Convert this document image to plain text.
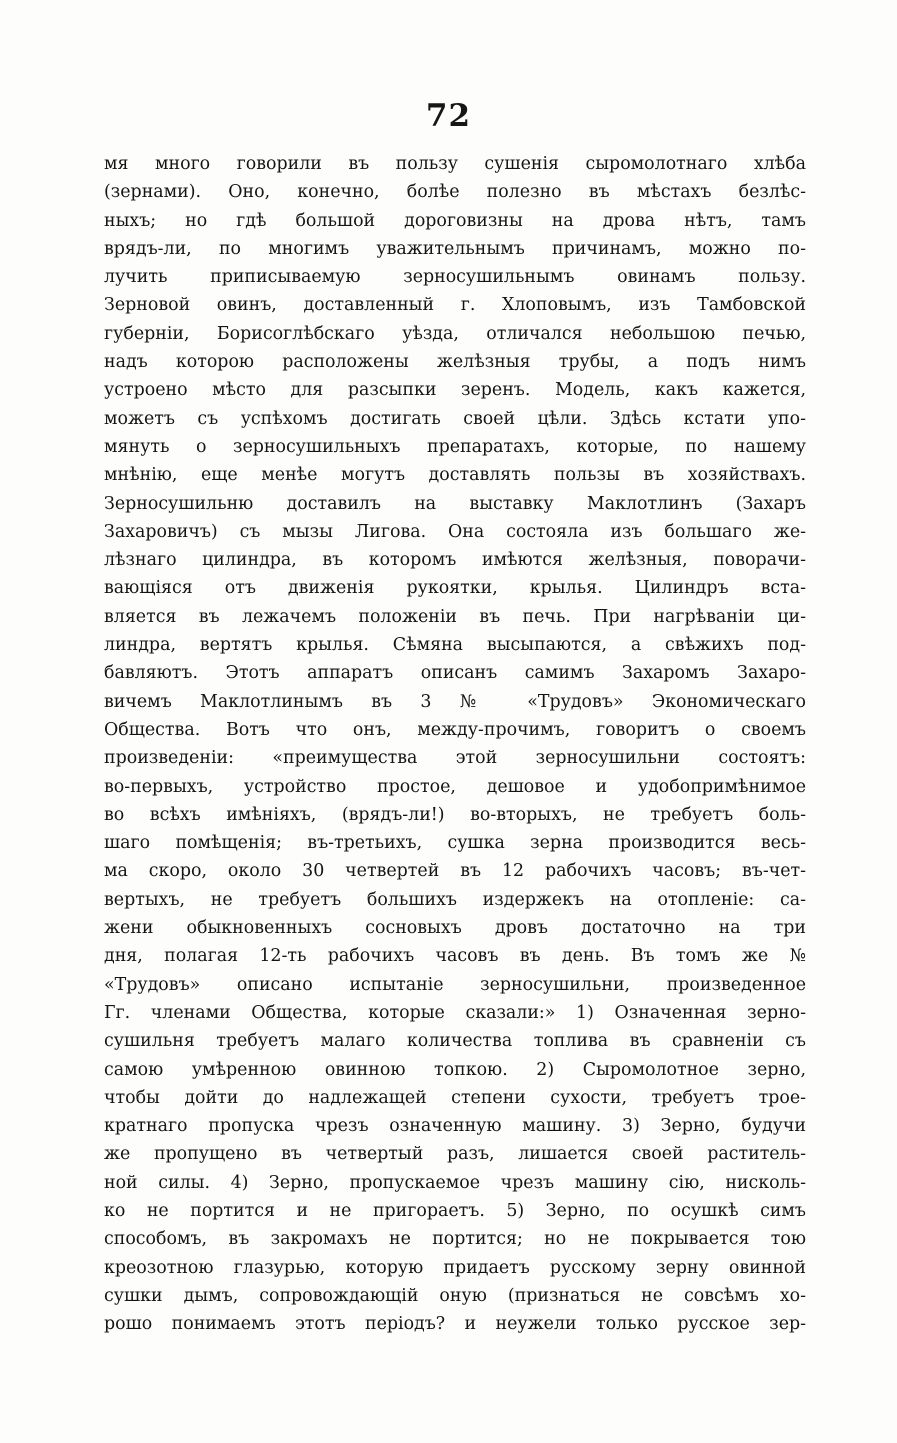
72
мя много говорили въ пользу сушенія сыромолотнаго хлѣба
(зернами). Оно, конечно, болѣе полезно въ мѣстахъ безлѣс-
ныхъ; но гдѣ большой дороговизны на дрова нѣтъ, тамъ
врядъ-ли, по многимъ уважительнымъ причинамъ, можно по-
лучить приписываемую зерносушильнымъ овинамъ пользу.
Зерновой овинъ, доставленный г. Хлоповымъ, изъ Тамбовской
губерніи, Борисоглѣбскаго уѣзда, отличался небольшою печью,
надъ которою расположены желѣзныя трубы, а подъ нимъ
устроено мѣсто для разсыпки зеренъ. Модель, какъ кажется,
можетъ съ успѣхомъ достигать своей цѣли. Здѣсь кстати упо-
мянуть о зерносушильныхъ препаратахъ, которые, по нашему
мнѣнію, еще менѣе могутъ доставлять пользы въ хозяйствахъ.
Зерносушильню доставилъ на выставку Маклотлинъ (Захаръ
Захаровичъ) съ мызы Лигова. Она состояла изъ большаго же-
лѣзнаго цилиндра, въ которомъ имѣются желѣзныя, поворачи-
вающіяся отъ движенія рукоятки, крылья. Цилиндръ вста-
вляется въ лежачемъ положеніи въ печь. При нагрѣваніи ци-
линдра, вертятъ крылья. Сѣмяна высыпаются, а свѣжихъ под-
бавляютъ. Этотъ аппаратъ описанъ самимъ Захаромъ Захаро-
вичемъ Маклотлинымъ въ 3 № «Трудовъ» Экономическаго
Общества. Вотъ что онъ, между-прочимъ, говоритъ о своемъ
произведеніи: «преимущества этой зерносушильни состоятъ:
во-первыхъ, устройство простое, дешовое и удобопримѣнимое
во всѣхъ имѣніяхъ, (врядъ-ли!) во-вторыхъ, не требуетъ боль-
шаго помѣщенія; въ-третьихъ, сушка зерна производится весь-
ма скоро, около 30 четвертей въ 12 рабочихъ часовъ; въ-чет-
вертыхъ, не требуетъ большихъ издержекъ на отопленіе: са-
жени обыкновенныхъ сосновыхъ дровъ достаточно на три
дня, полагая 12-ть рабочихъ часовъ въ день. Въ томъ же №
«Трудовъ» описано испытаніе зерносушильни, произведенное
Гг. членами Общества, которые сказали:» 1) Означенная зерно-
сушильня требуетъ малаго количества топлива въ сравненіи съ
самою умѣренною овинною топкою. 2) Сыромолотное зерно,
чтобы дойти до надлежащей степени сухости, требуетъ трое-
кратнаго пропуска чрезъ означенную машину. 3) Зерно, будучи
же пропущено въ четвертый разъ, лишается своей раститель-
ной силы. 4) Зерно, пропускаемое чрезъ машину сію, нисколь-
ко не портится и не пригораетъ. 5) Зерно, по осушкѣ симъ
способомъ, въ закромахъ не портится; но не покрывается тою
креозотною глазурью, которую придаетъ русскому зерну овинной
сушки дымъ, сопровождающій оную (признаться не совсѣмъ хо-
рошо понимаемъ этотъ періодъ? и неужели только русское зер-
